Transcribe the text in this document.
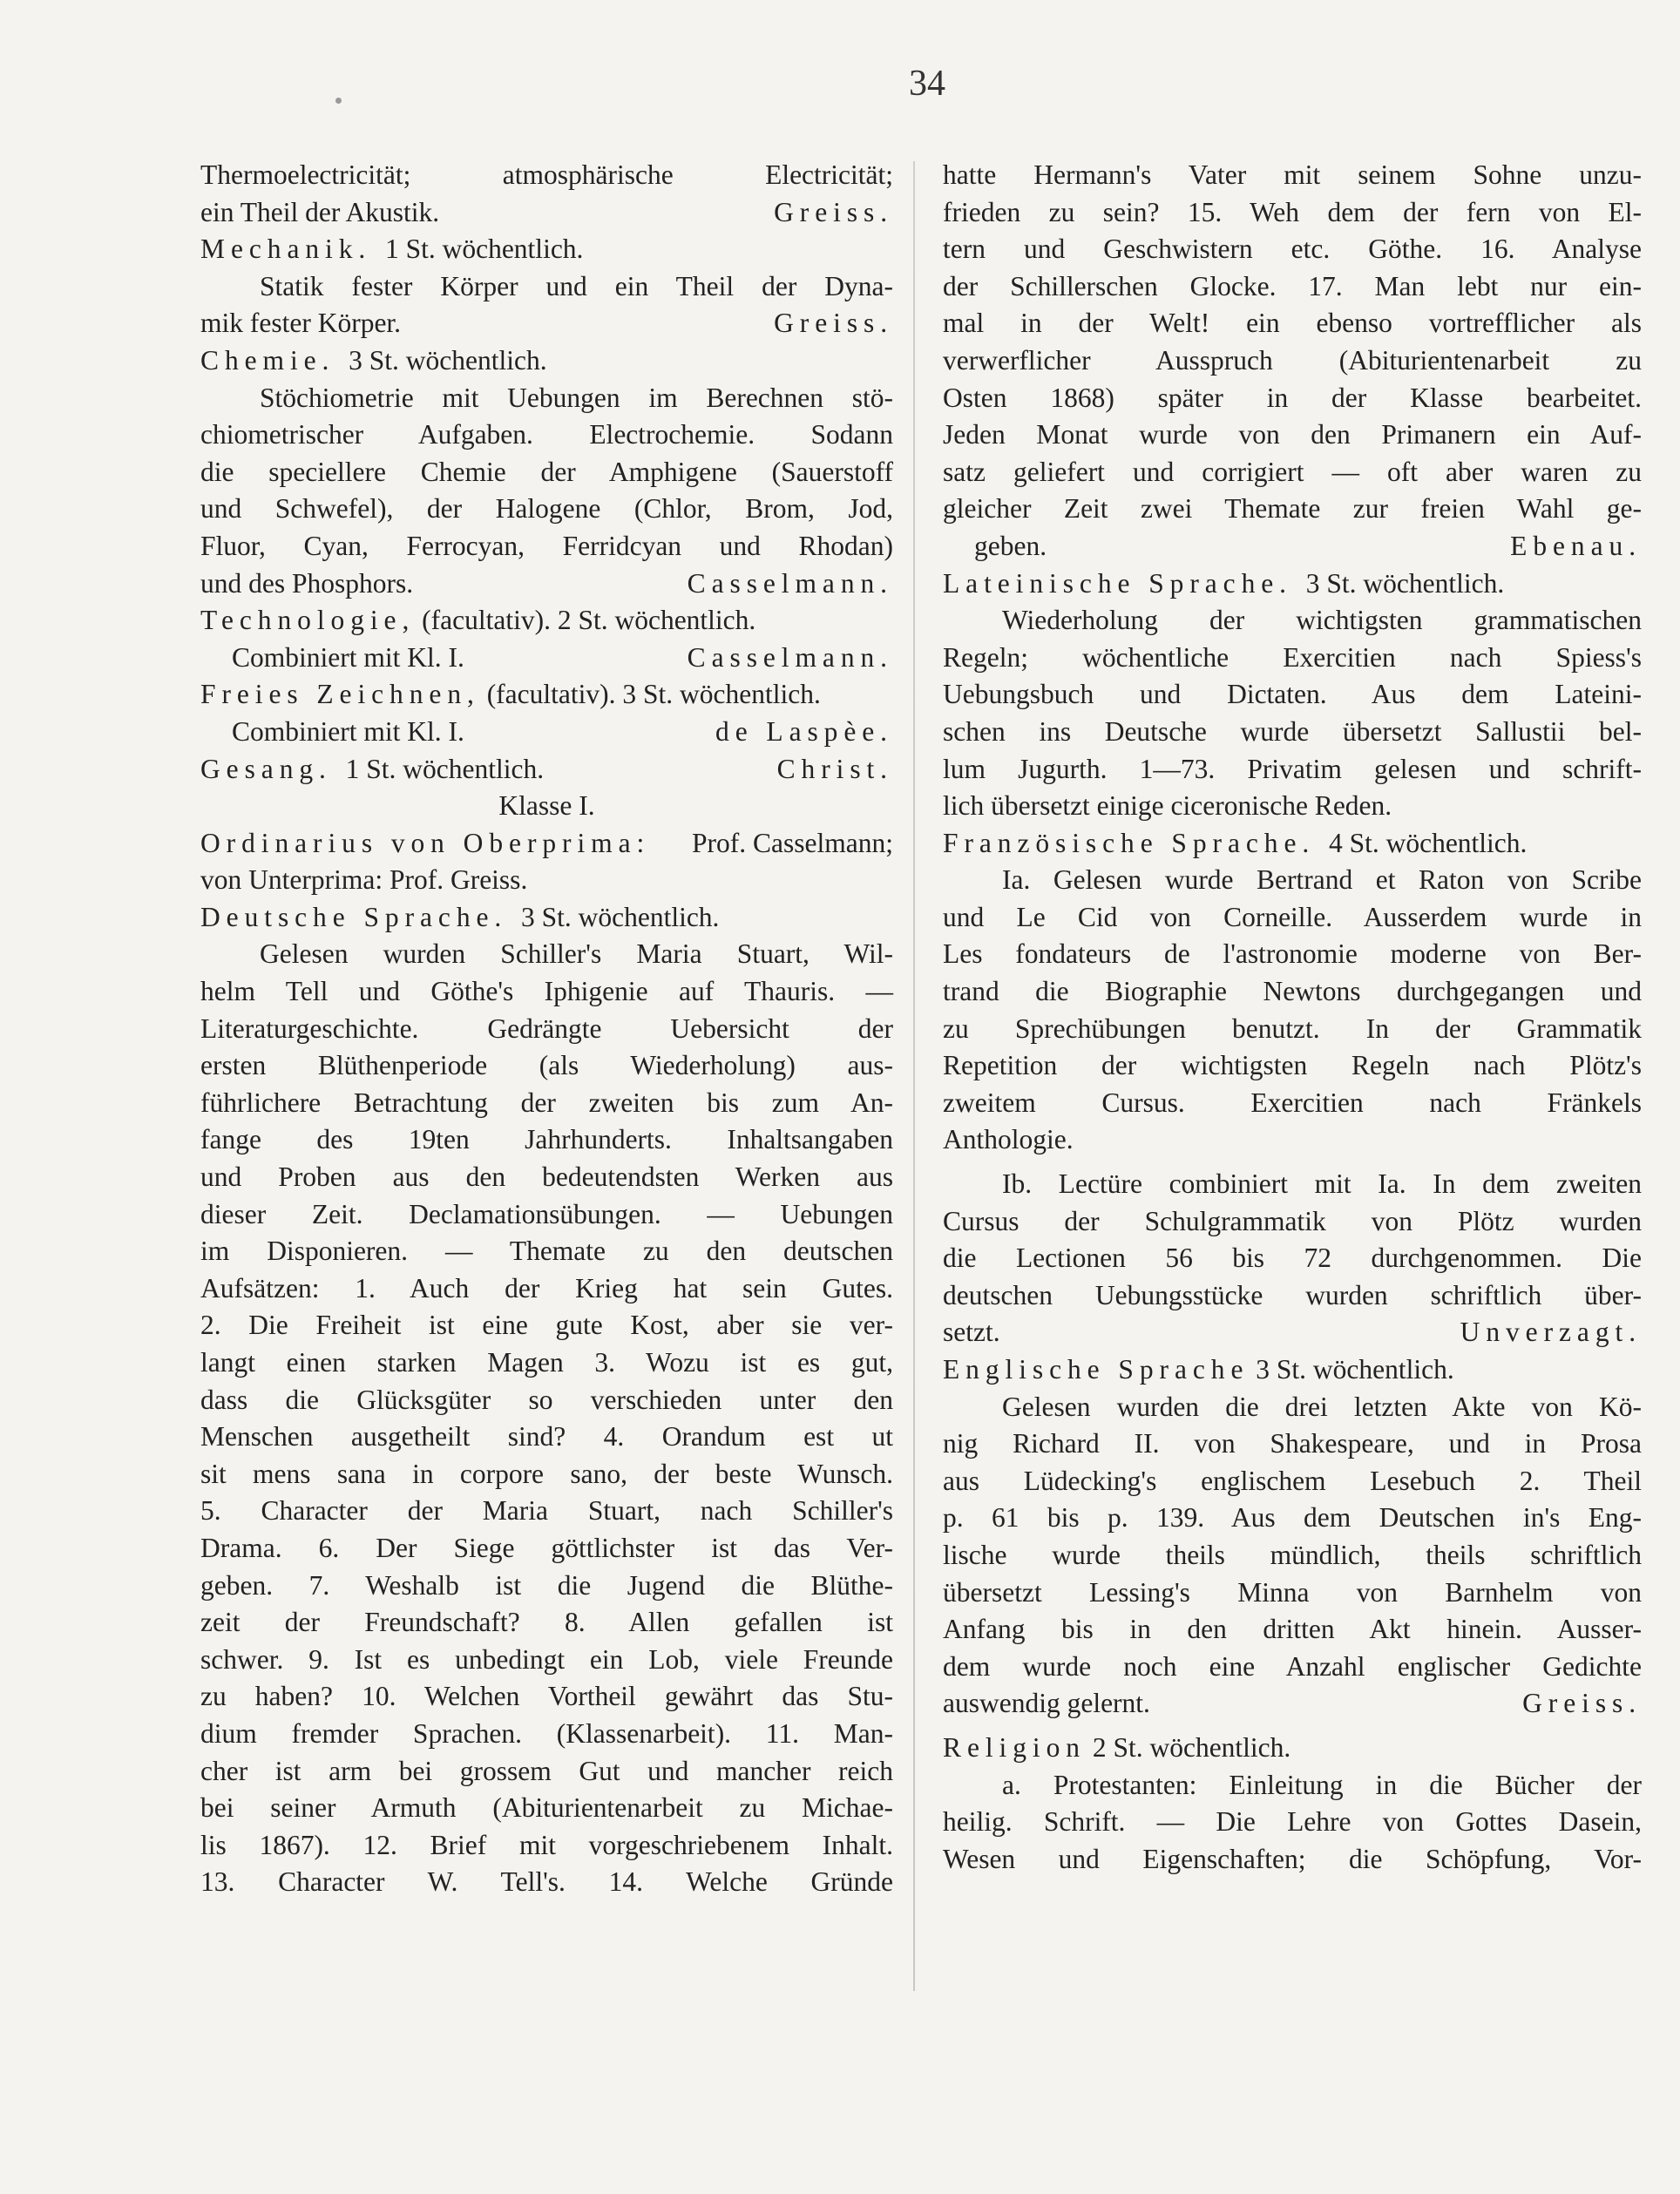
34
Thermoelectricität; atmosphärische Electricität;
ein Theil der Akustik.	Greiss.
Mechanik. 1 St. wöchentlich.
Statik fester Körper und ein Theil der Dyna-
mik fester Körper.	Greiss.
Chemie. 3 St. wöchentlich.
Stöchiometrie mit Uebungen im Berechnen stö-
chiometrischer Aufgaben. Electrochemie. Sodann
die speciellere Chemie der Amphigene (Sauerstoff
und Schwefel), der Halogene (Chlor, Brom, Jod,
Fluor, Cyan, Ferrocyan, Ferridcyan und Rhodan)
und des Phosphors.	Casselmann.
Technologie, (facultativ). 2 St. wöchentlich.
Combiniert mit Kl. I.	Casselmann.
Freies Zeichnen, (facultativ). 3 St. wöchentlich.
Combiniert mit Kl. I.	de Laspèe.
Gesang. 1 St. wöchentlich.	Christ.
Klasse I.
Ordinarius von Oberprima: Prof. Casselmann;
von Unterprima: Prof. Greiss.
Deutsche Sprache. 3 St. wöchentlich.
Gelesen wurden Schiller's Maria Stuart, Wil-
helm Tell und Göthe's Iphigenie auf Thauris. —
Literaturgeschichte. Gedrängte Uebersicht der
ersten Blüthenperiode (als Wiederholung) aus-
führlichere Betrachtung der zweiten bis zum An-
fange des 19ten Jahrhunderts. Inhaltsangaben
und Proben aus den bedeutendsten Werken aus
dieser Zeit. Declamationsübungen. — Uebungen
im Disponieren. — Themate zu den deutschen
Aufsätzen: 1. Auch der Krieg hat sein Gutes.
2. Die Freiheit ist eine gute Kost, aber sie ver-
langt einen starken Magen 3. Wozu ist es gut,
dass die Glücksgüter so verschieden unter den
Menschen ausgetheilt sind? 4. Orandum est ut
sit mens sana in corpore sano, der beste Wunsch.
5. Character der Maria Stuart, nach Schiller's
Drama. 6. Der Siege göttlichster ist das Ver-
geben. 7. Weshalb ist die Jugend die Blüthe-
zeit der Freundschaft? 8. Allen gefallen ist
schwer. 9. Ist es unbedingt ein Lob, viele Freunde
zu haben? 10. Welchen Vortheil gewährt das Stu-
dium fremder Sprachen. (Klassenarbeit). 11. Man-
cher ist arm bei grossem Gut und mancher reich
bei seiner Armuth (Abiturientenarbeit zu Michae-
lis 1867). 12. Brief mit vorgeschriebenem Inhalt.
13. Character W. Tell's. 14. Welche Gründe
hatte Hermann's Vater mit seinem Sohne unzu-
frieden zu sein? 15. Weh dem der fern von El-
tern und Geschwistern etc. Göthe. 16. Analyse
der Schillerschen Glocke. 17. Man lebt nur ein-
mal in der Welt! ein ebenso vortrefflicher als
verwerflicher Ausspruch (Abiturientenarbeit zu
Osten 1868) später in der Klasse bearbeitet.
Jeden Monat wurde von den Primanern ein Auf-
satz geliefert und corrigiert — oft aber waren zu
gleicher Zeit zwei Themate zur freien Wahl ge-
geben.	Ebenau.
Lateinische Sprache. 3 St. wöchentlich.
Wiederholung der wichtigsten grammatischen
Regeln; wöchentliche Exercitien nach Spiess's
Uebungsbuch und Dictaten. Aus dem Lateini-
schen ins Deutsche wurde übersetzt Sallustii bel-
lum Jugurth. 1—73. Privatim gelesen und schrift-
lich übersetzt einige ciceronische Reden.
Französische Sprache. 4 St. wöchentlich.
Ia. Gelesen wurde Bertrand et Raton von Scribe
und Le Cid von Corneille. Ausserdem wurde in
Les fondateurs de l'astronomie moderne von Ber-
trand die Biographie Newtons durchgegangen und
zu Sprechübungen benutzt. In der Grammatik
Repetition der wichtigsten Regeln nach Plötz's
zweitem Cursus. Exercitien nach Fränkels
Anthologie.
Ib. Lectüre combiniert mit Ia. In dem zweiten
Cursus der Schulgrammatik von Plötz wurden
die Lectionen 56 bis 72 durchgenommen. Die
deutschen Uebungsstücke wurden schriftlich über-
setzt.	Unverzagt.
Englische Sprache 3 St. wöchentlich.
Gelesen wurden die drei letzten Akte von Kö-
nig Richard II. von Shakespeare, und in Prosa
aus Lüdecking's englischem Lesebuch 2. Theil
p. 61 bis p. 139. Aus dem Deutschen in's Eng-
lische wurde theils mündlich, theils schriftlich
übersetzt Lessing's Minna von Barnhelm von
Anfang bis in den dritten Akt hinein. Ausser-
dem wurde noch eine Anzahl englischer Gedichte
auswendig gelernt.	Greiss.
Religion 2 St. wöchentlich.
a. Protestanten: Einleitung in die Bücher der
heilig. Schrift. — Die Lehre von Gottes Dasein,
Wesen und Eigenschaften; die Schöpfung, Vor-
